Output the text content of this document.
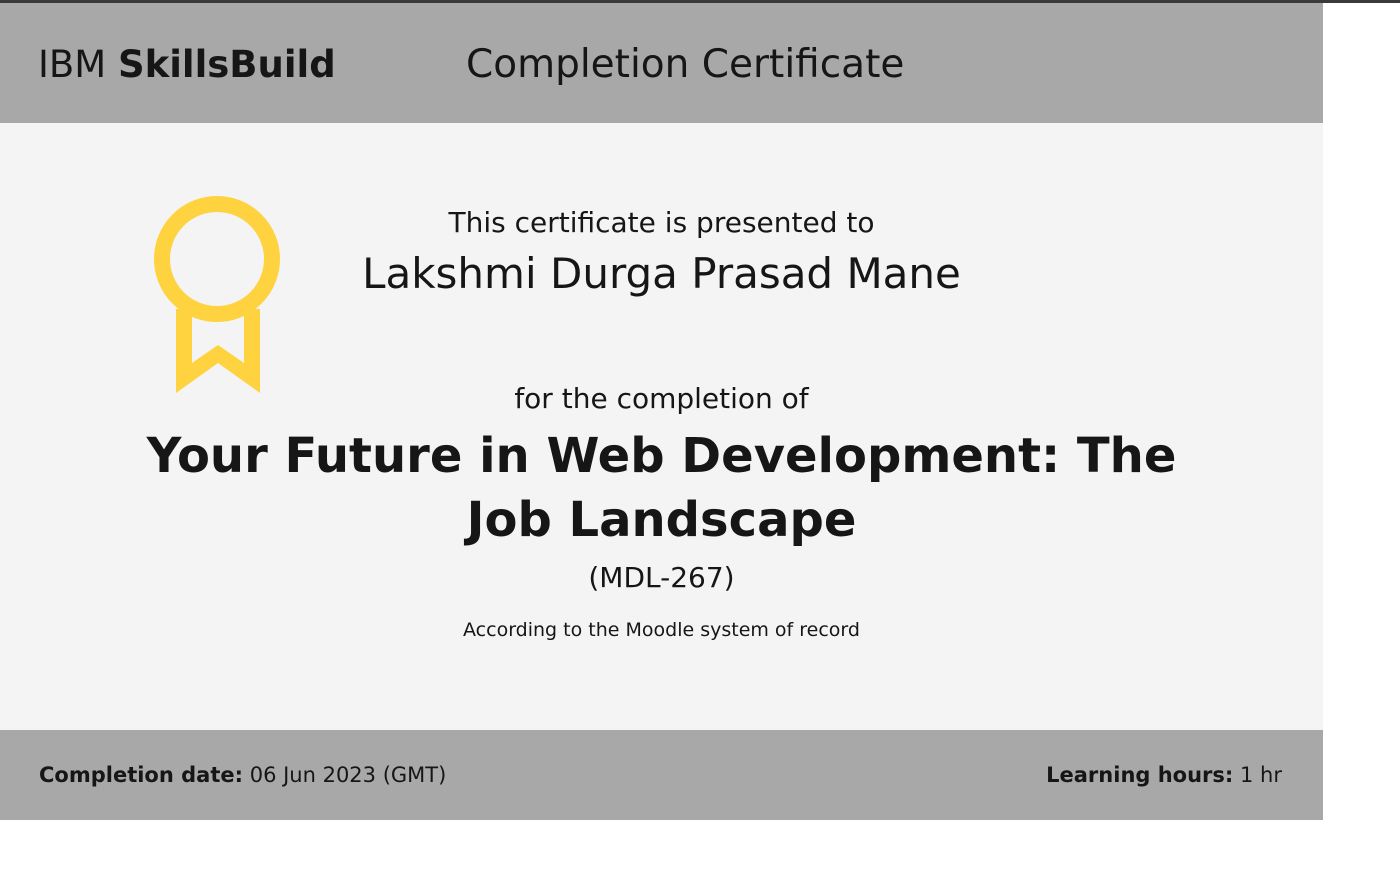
IBM SkillsBuild	Completion Certificate
This certificate is presented to
Lakshmi Durga Prasad Mane
for the completion of
Your Future in Web Development: The Job Landscape
(MDL-267)
According to the Moodle system of record
Completion date: 06 Jun 2023 (GMT)	Learning hours: 1 hr
